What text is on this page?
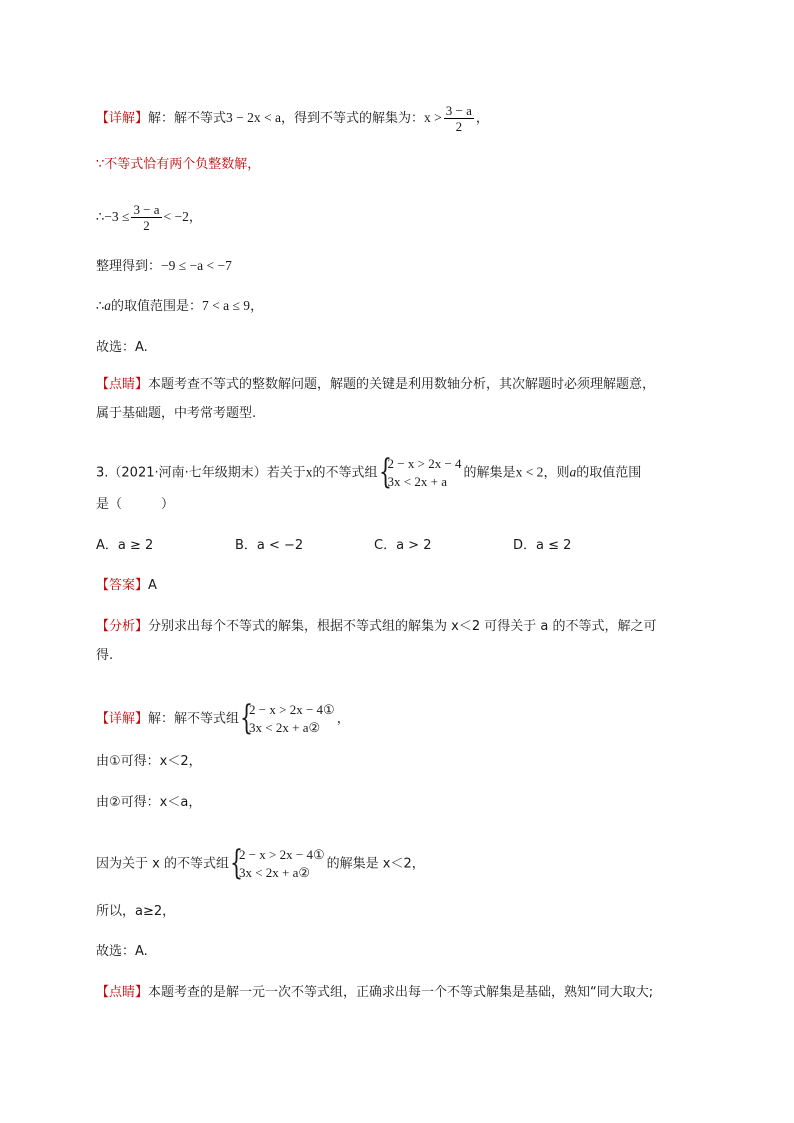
【详解】解：解不等式3 − 2x < a，得到不等式的解集为：$x > \frac{3 - a}{2}$ ，
∵不等式恰有两个负整数解，
∴−3 ≤ $\frac{3 - a}{2} < -2$，
整理得到：−9 ≤ −a < −7
∴a的取值范围是：7 < a ≤ 9，
故选：A.
【点睛】本题考查不等式的整数解问题，解题的关键是利用数轴分析，其次解题时必须理解题意，
属于基础题，中考常考题型.
3.（2021·河南·七年级期末）若关于x的不等式组 {
2 − x > 2x − 4
3x < 2x + a
的解集是x < 2，则a的取值范围
是（　　　）
A．a ≥ 2	B．a < −2	C．a > 2	D．a ≤ 2
【答案】A
【分析】分别求出每个不等式的解集，根据不等式组的解集为 x＜2 可得关于 a 的不等式，解之可
得.
【详解】解：解不等式组 {
2 − x > 2x − 4①
3x < 2x + a②
，
由①可得：x＜2，
由②可得：x＜a，
因为关于 x 的不等式组 {
2 − x > 2x − 4①
3x < 2x + a②
的解集是 x＜2，
所以，a≥2，
故选：A.
【点睛】本题考查的是解一元一次不等式组，正确求出每一个不等式解集是基础，熟知“同大取大;
